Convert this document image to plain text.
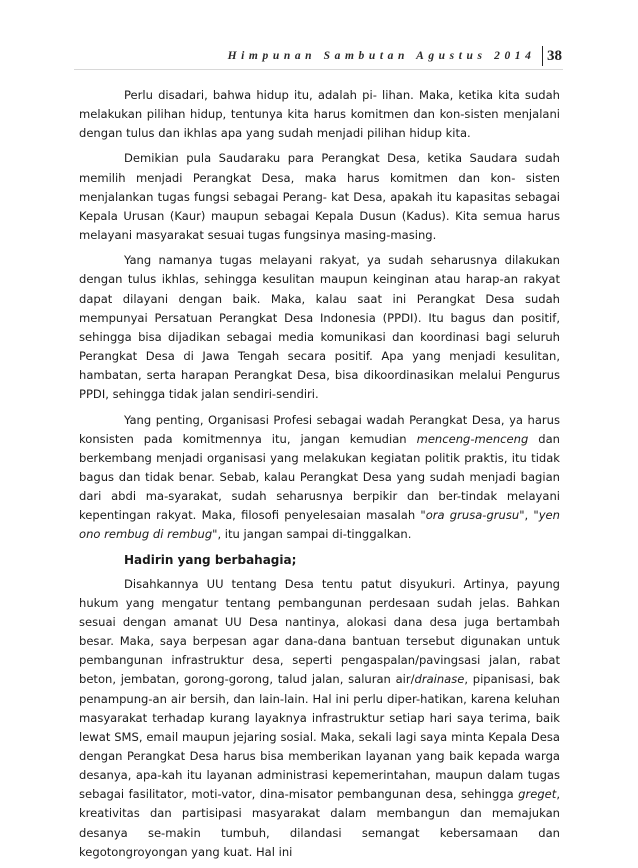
Himpunan Sambutan Agustus 2014 38

Perlu disadari, bahwa hidup itu, adalah pi- lihan. Maka, ketika kita sudah melakukan pilihan hidup, tentunya kita harus komitmen dan kon-sisten menjalani dengan tulus dan ikhlas apa yang sudah menjadi pilihan hidup kita.

Demikian pula Saudaraku para Perangkat Desa, ketika Saudara sudah memilih menjadi Perangkat Desa, maka harus komitmen dan kon- sisten menjalankan tugas fungsi sebagai Perang- kat Desa, apakah itu kapasitas sebagai Kepala Urusan (Kaur) maupun sebagai Kepala Dusun (Kadus). Kita semua harus melayani masyarakat sesuai tugas fungsinya masing-masing.

Yang namanya tugas melayani rakyat, ya sudah seharusnya dilakukan dengan tulus ikhlas, sehingga kesulitan maupun keinginan atau harap-an rakyat dapat dilayani dengan baik. Maka, kalau saat ini Perangkat Desa sudah mempunyai Persatuan Perangkat Desa Indonesia (PPDI). Itu bagus dan positif, sehingga bisa dijadikan sebagai media komunikasi dan koordinasi bagi seluruh Perangkat Desa di Jawa Tengah secara positif. Apa yang menjadi kesulitan, hambatan, serta harapan Perangkat Desa, bisa dikoordinasikan melalui Pengurus PPDI, sehingga tidak jalan sendiri-sendiri.

Yang penting, Organisasi Profesi sebagai wadah Perangkat Desa, ya harus konsisten pada komitmennya itu, jangan kemudian menceng-menceng dan berkembang menjadi organisasi yang melakukan kegiatan politik praktis, itu tidak bagus dan tidak benar. Sebab, kalau Perangkat Desa yang sudah menjadi bagian dari abdi ma-syarakat, sudah seharusnya berpikir dan ber-tindak melayani kepentingan rakyat. Maka, filosofi penyelesaian masalah "ora grusa-grusu", "yen ono rembug di rembug", itu jangan sampai di-tinggalkan.

Hadirin yang berbahagia;

Disahkannya UU tentang Desa tentu patut disyukuri. Artinya, payung hukum yang mengatur tentang pembangunan perdesaan sudah jelas. Bahkan sesuai dengan amanat UU Desa nantinya, alokasi dana desa juga bertambah besar. Maka, saya berpesan agar dana-dana bantuan tersebut digunakan untuk pembangunan infrastruktur desa, seperti pengaspalan/pavingsasi jalan, rabat beton, jembatan, gorong-gorong, talud jalan, saluran air/drainase, pipanisasi, bak penampung-an air bersih, dan lain-lain. Hal ini perlu diper-hatikan, karena keluhan masyarakat terhadap kurang layaknya infrastruktur setiap hari saya terima, baik lewat SMS, email maupun jejaring sosial. Maka, sekali lagi saya minta Kepala Desa dengan Perangkat Desa harus bisa memberikan layanan yang baik kepada warga desanya, apa-kah itu layanan administrasi kepemerintahan, maupun dalam tugas sebagai fasilitator, moti-vator, dina-misator pembangunan desa, sehingga greget, kreativitas dan partisipasi masyarakat dalam membangun dan memajukan desanya se-makin tumbuh, dilandasi semangat kebersamaan dan kegotongroyongan yang kuat. Hal ini
